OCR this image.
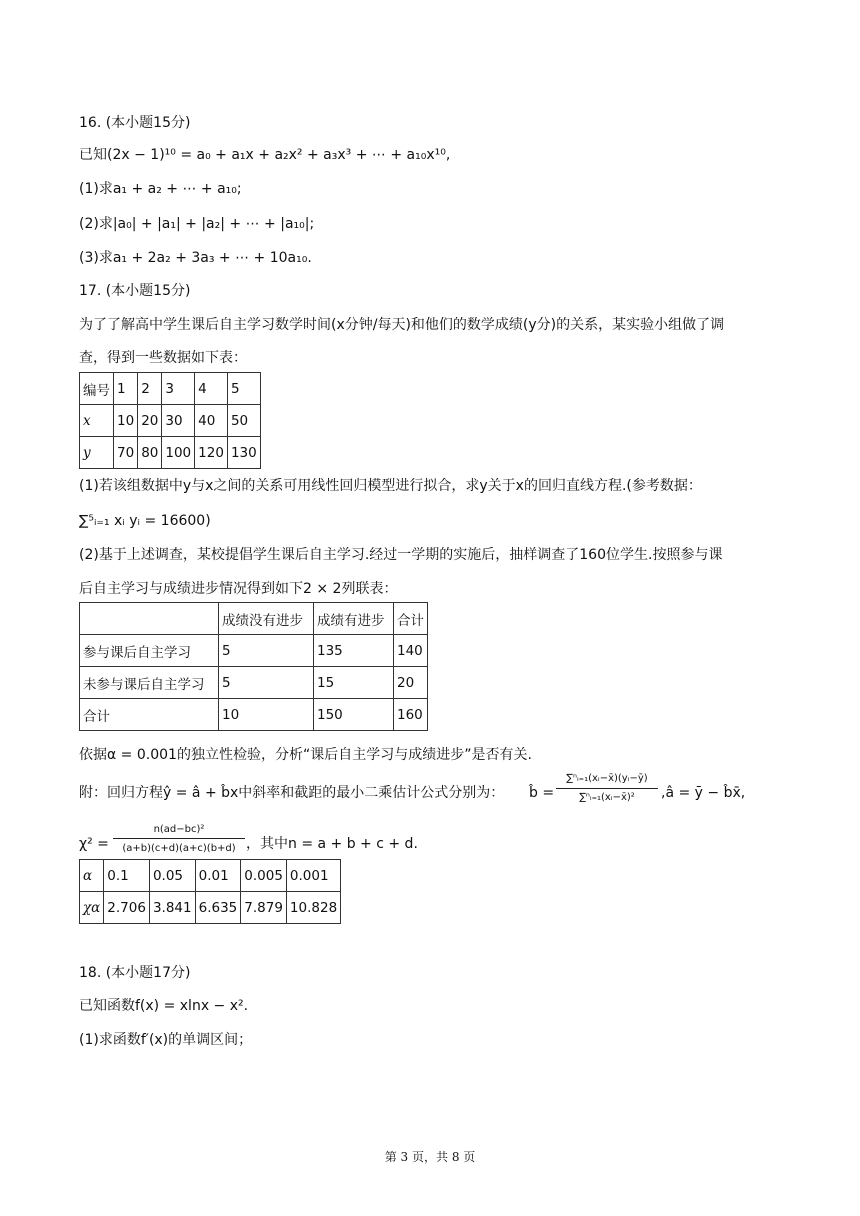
16. (本小题15分)
已知(2x − 1)¹⁰ = a₀ + a₁x + a₂x² + a₃x³ + ⋯ + a₁₀x¹⁰,
(1)求a₁ + a₂ + ⋯ + a₁₀;
(2)求|a₀| + |a₁| + |a₂| + ⋯ + |a₁₀|;
(3)求a₁ + 2a₂ + 3a₃ + ⋯ + 10a₁₀.
17. (本小题15分)
为了了解高中学生课后自主学习数学时间(x分钟/每天)和他们的数学成绩(y分)的关系，某实验小组做了调
查，得到一些数据如下表：
编号	1	2	3	4	5
x	10	20	30	40	50
y	70	80	100	120	130
(1)若该组数据中y与x之间的关系可用线性回归模型进行拟合，求y关于x的回归直线方程.(参考数据：
∑⁵ᵢ₌₁ xᵢ yᵢ = 16600)
(2)基于上述调查，某校提倡学生课后自主学习.经过一学期的实施后，抽样调查了160位学生.按照参与课
后自主学习与成绩进步情况得到如下2 × 2列联表：
	成绩没有进步	成绩有进步	合计
参与课后自主学习	5	135	140
未参与课后自主学习	5	15	20
合计	10	150	160
依据α = 0.001的独立性检验，分析“课后自主学习与成绩进步”是否有关.
附：回归方程ŷ = â + b̂x中斜率和截距的最小二乘估计公式分别为： b̂ =
∑ⁿᵢ₌₁(xᵢ−x̄)(yᵢ−ȳ)
∑ⁿᵢ₌₁(xᵢ−x̄)²	,â = ȳ − b̂x̄,
χ² =
n(ad−bc)²
(a+b)(c+d)(a+c)(b+d) ，其中n = a + b + c + d.
α	0.1	0.05	0.01	0.005	0.001
χα	2.706	3.841	6.635	7.879	10.828
18. (本小题17分)
已知函数f(x) = xlnx − x².
(1)求函数f′(x)的单调区间；
第 3 页，共 8 页
